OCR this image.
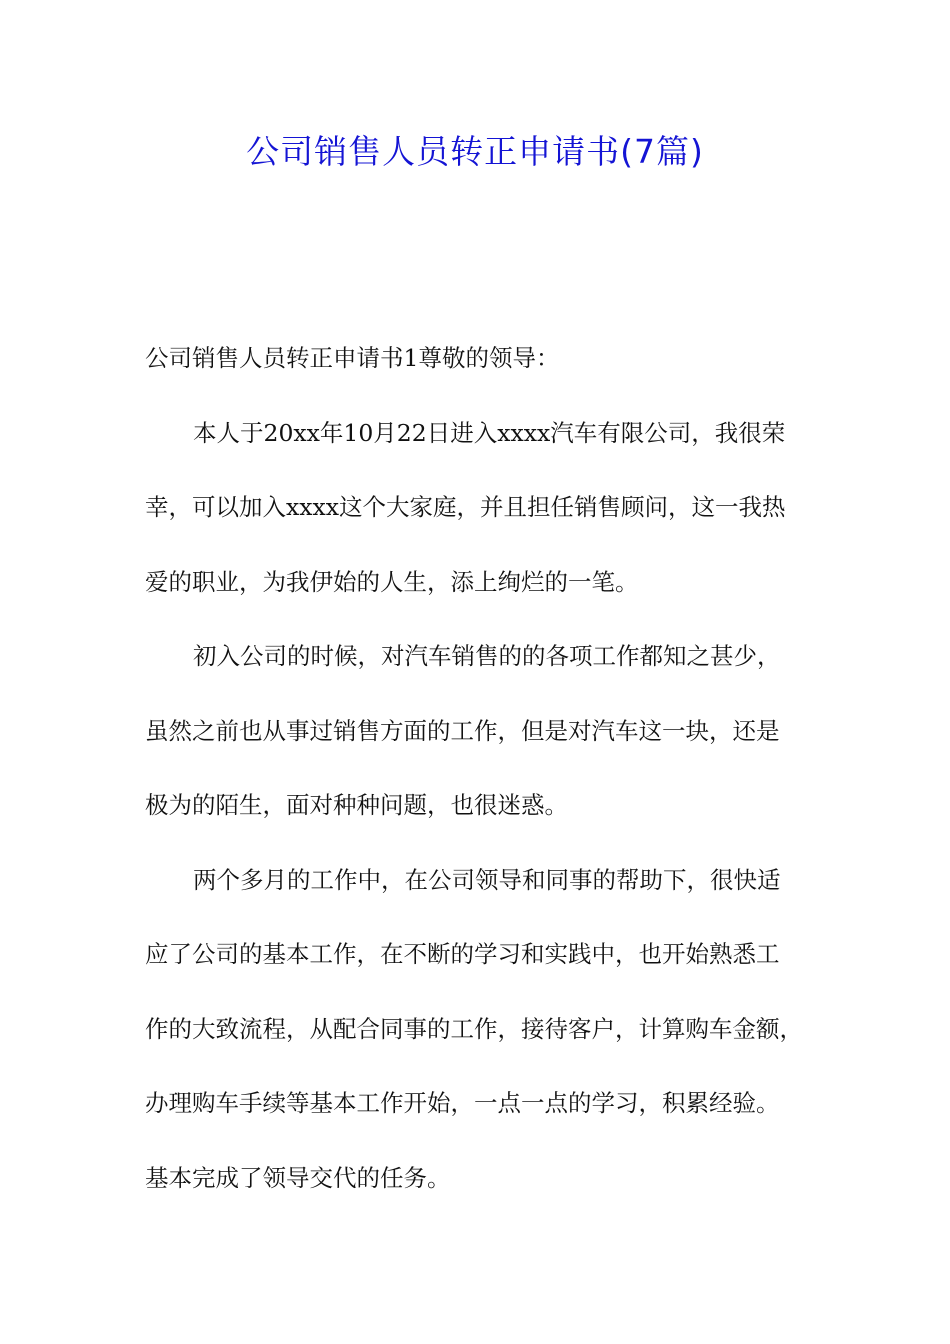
公司销售人员转正申请书(7篇)
公司销售人员转正申请书1尊敬的领导：
本人于20xx年10月22日进入xxxx汽车有限公司，我很荣
幸，可以加入xxxx这个大家庭，并且担任销售顾问，这一我热
爱的职业，为我伊始的人生，添上绚烂的一笔。
初入公司的时候，对汽车销售的的各项工作都知之甚少，
虽然之前也从事过销售方面的工作，但是对汽车这一块，还是
极为的陌生，面对种种问题，也很迷惑。
两个多月的工作中，在公司领导和同事的帮助下，很快适
应了公司的基本工作，在不断的学习和实践中，也开始熟悉工
作的大致流程，从配合同事的工作，接待客户，计算购车金额，
办理购车手续等基本工作开始，一点一点的学习，积累经验。
基本完成了领导交代的任务。
